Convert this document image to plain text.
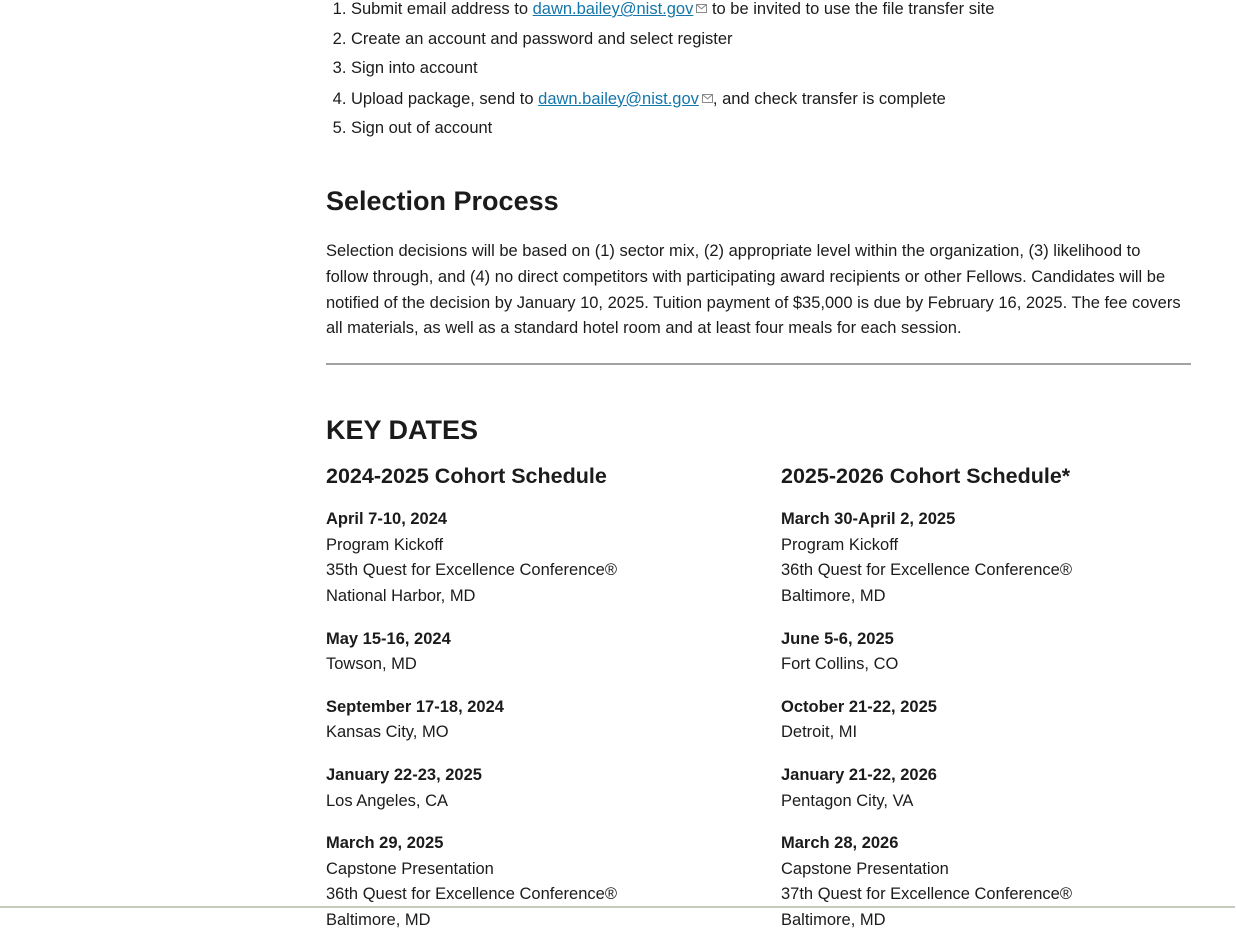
1. Submit email address to dawn.bailey@nist.gov to be invited to use the file transfer site
2. Create an account and password and select register
3. Sign into account
4. Upload package, send to dawn.bailey@nist.gov , and check transfer is complete
5. Sign out of account
Selection Process

Selection decisions will be based on (1) sector mix, (2) appropriate level within the organization, (3) likelihood to follow through, and (4) no direct competitors with participating award recipients or other Fellows. Candidates will be notified of the decision by January 10, 2025. Tuition payment of $35,000 is due by February 16, 2025. The fee covers all materials, as well as a standard hotel room and at least four meals for each session.

KEY DATES
2024-2025 Cohort Schedule
April 7-10, 2024
Program Kickoff
35th Quest for Excellence Conference®
National Harbor, MD
May 15-16, 2024
Towson, MD
September 17-18, 2024
Kansas City, MO
January 22-23, 2025
Los Angeles, CA
March 29, 2025
Capstone Presentation
36th Quest for Excellence Conference®
Baltimore, MD
2025-2026 Cohort Schedule*
March 30-April 2, 2025
Program Kickoff
36th Quest for Excellence Conference®
Baltimore, MD
June 5-6, 2025
Fort Collins, CO
October 21-22, 2025
Detroit, MI
January 21-22, 2026
Pentagon City, VA
March 28, 2026
Capstone Presentation
37th Quest for Excellence Conference®
Baltimore, MD
